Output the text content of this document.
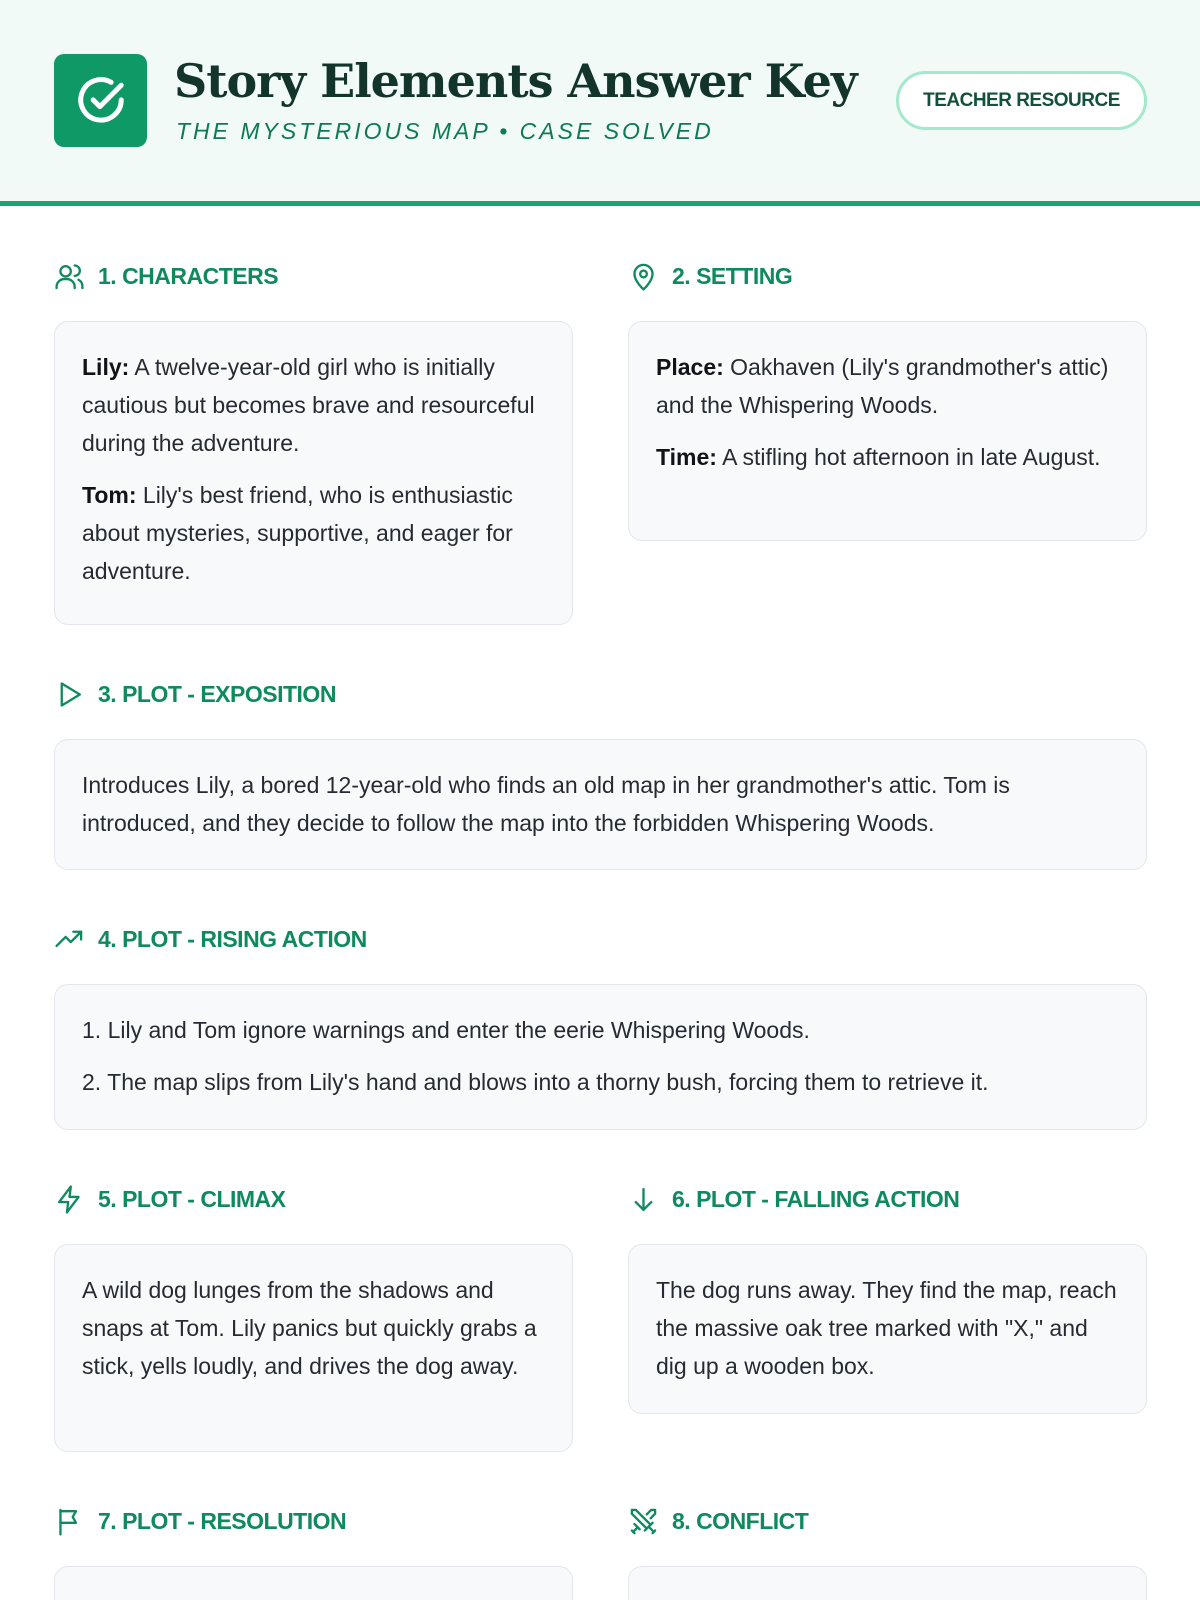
Story Elements Answer Key
THE MYSTERIOUS MAP • CASE SOLVED
TEACHER RESOURCE
1. CHARACTERS

Lily: A twelve-year-old girl who is initially cautious but becomes brave and resourceful during the adventure.

Tom: Lily's best friend, who is enthusiastic about mysteries, supportive, and eager for adventure.

2. SETTING

Place: Oakhaven (Lily's grandmother's attic) and the Whispering Woods.

Time: A stifling hot afternoon in late August.

3. PLOT - EXPOSITION

Introduces Lily, a bored 12-year-old who finds an old map in her grandmother's attic. Tom is introduced, and they decide to follow the map into the forbidden Whispering Woods.

4. PLOT - RISING ACTION

1. Lily and Tom ignore warnings and enter the eerie Whispering Woods.

2. The map slips from Lily's hand and blows into a thorny bush, forcing them to retrieve it.

5. PLOT - CLIMAX

A wild dog lunges from the shadows and snaps at Tom. Lily panics but quickly grabs a stick, yells loudly, and drives the dog away.

6. PLOT - FALLING ACTION

The dog runs away. They find the map, reach the massive oak tree marked with "X," and dig up a wooden box.

7. PLOT - RESOLUTION	8. CONFLICT
